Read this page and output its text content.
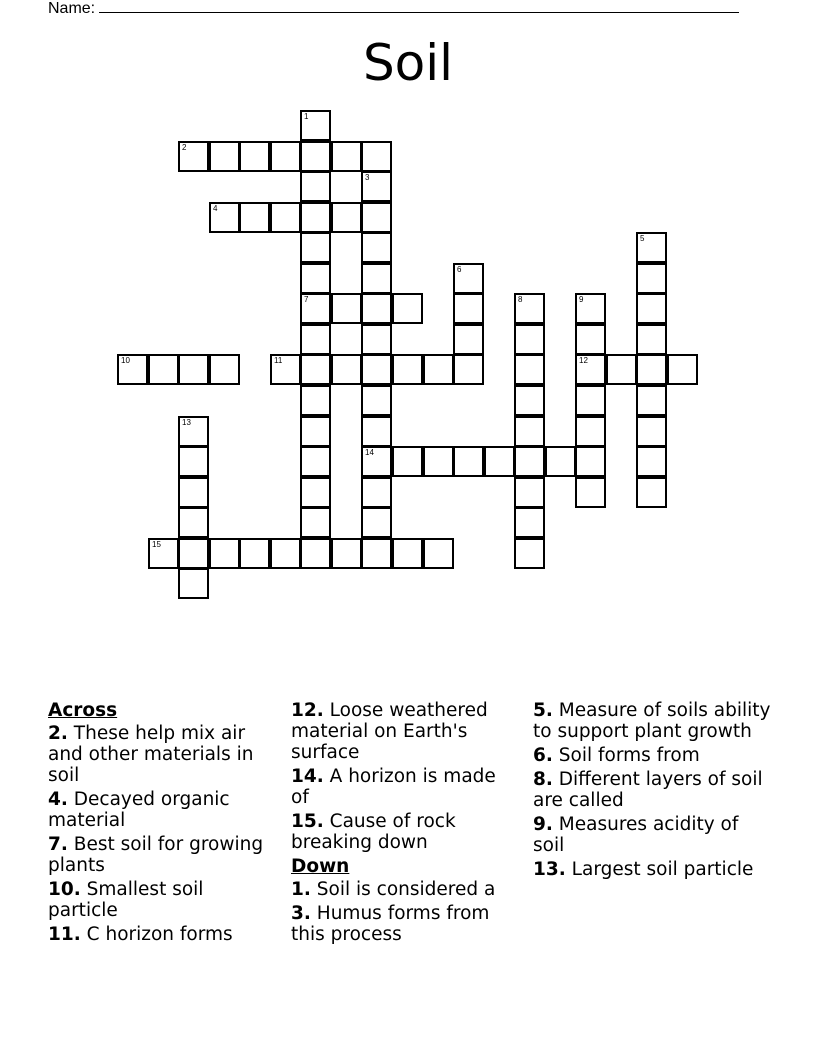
Name:
Soil
1
7
2
3
14
4
5
6
8	9
12
10	11
13
15

Across

2. These help mix air and other materials in soil

4. Decayed organic material

7. Best soil for growing plants

10. Smallest soil particle

11. C horizon forms

12. Loose weathered material on Earth's surface

14. A horizon is made of

15. Cause of rock breaking down

Down

1. Soil is considered a

3. Humus forms from this process

5. Measure of soils ability to support plant growth

6. Soil forms from

8. Different layers of soil are called

9. Measures acidity of soil

13. Largest soil particle
